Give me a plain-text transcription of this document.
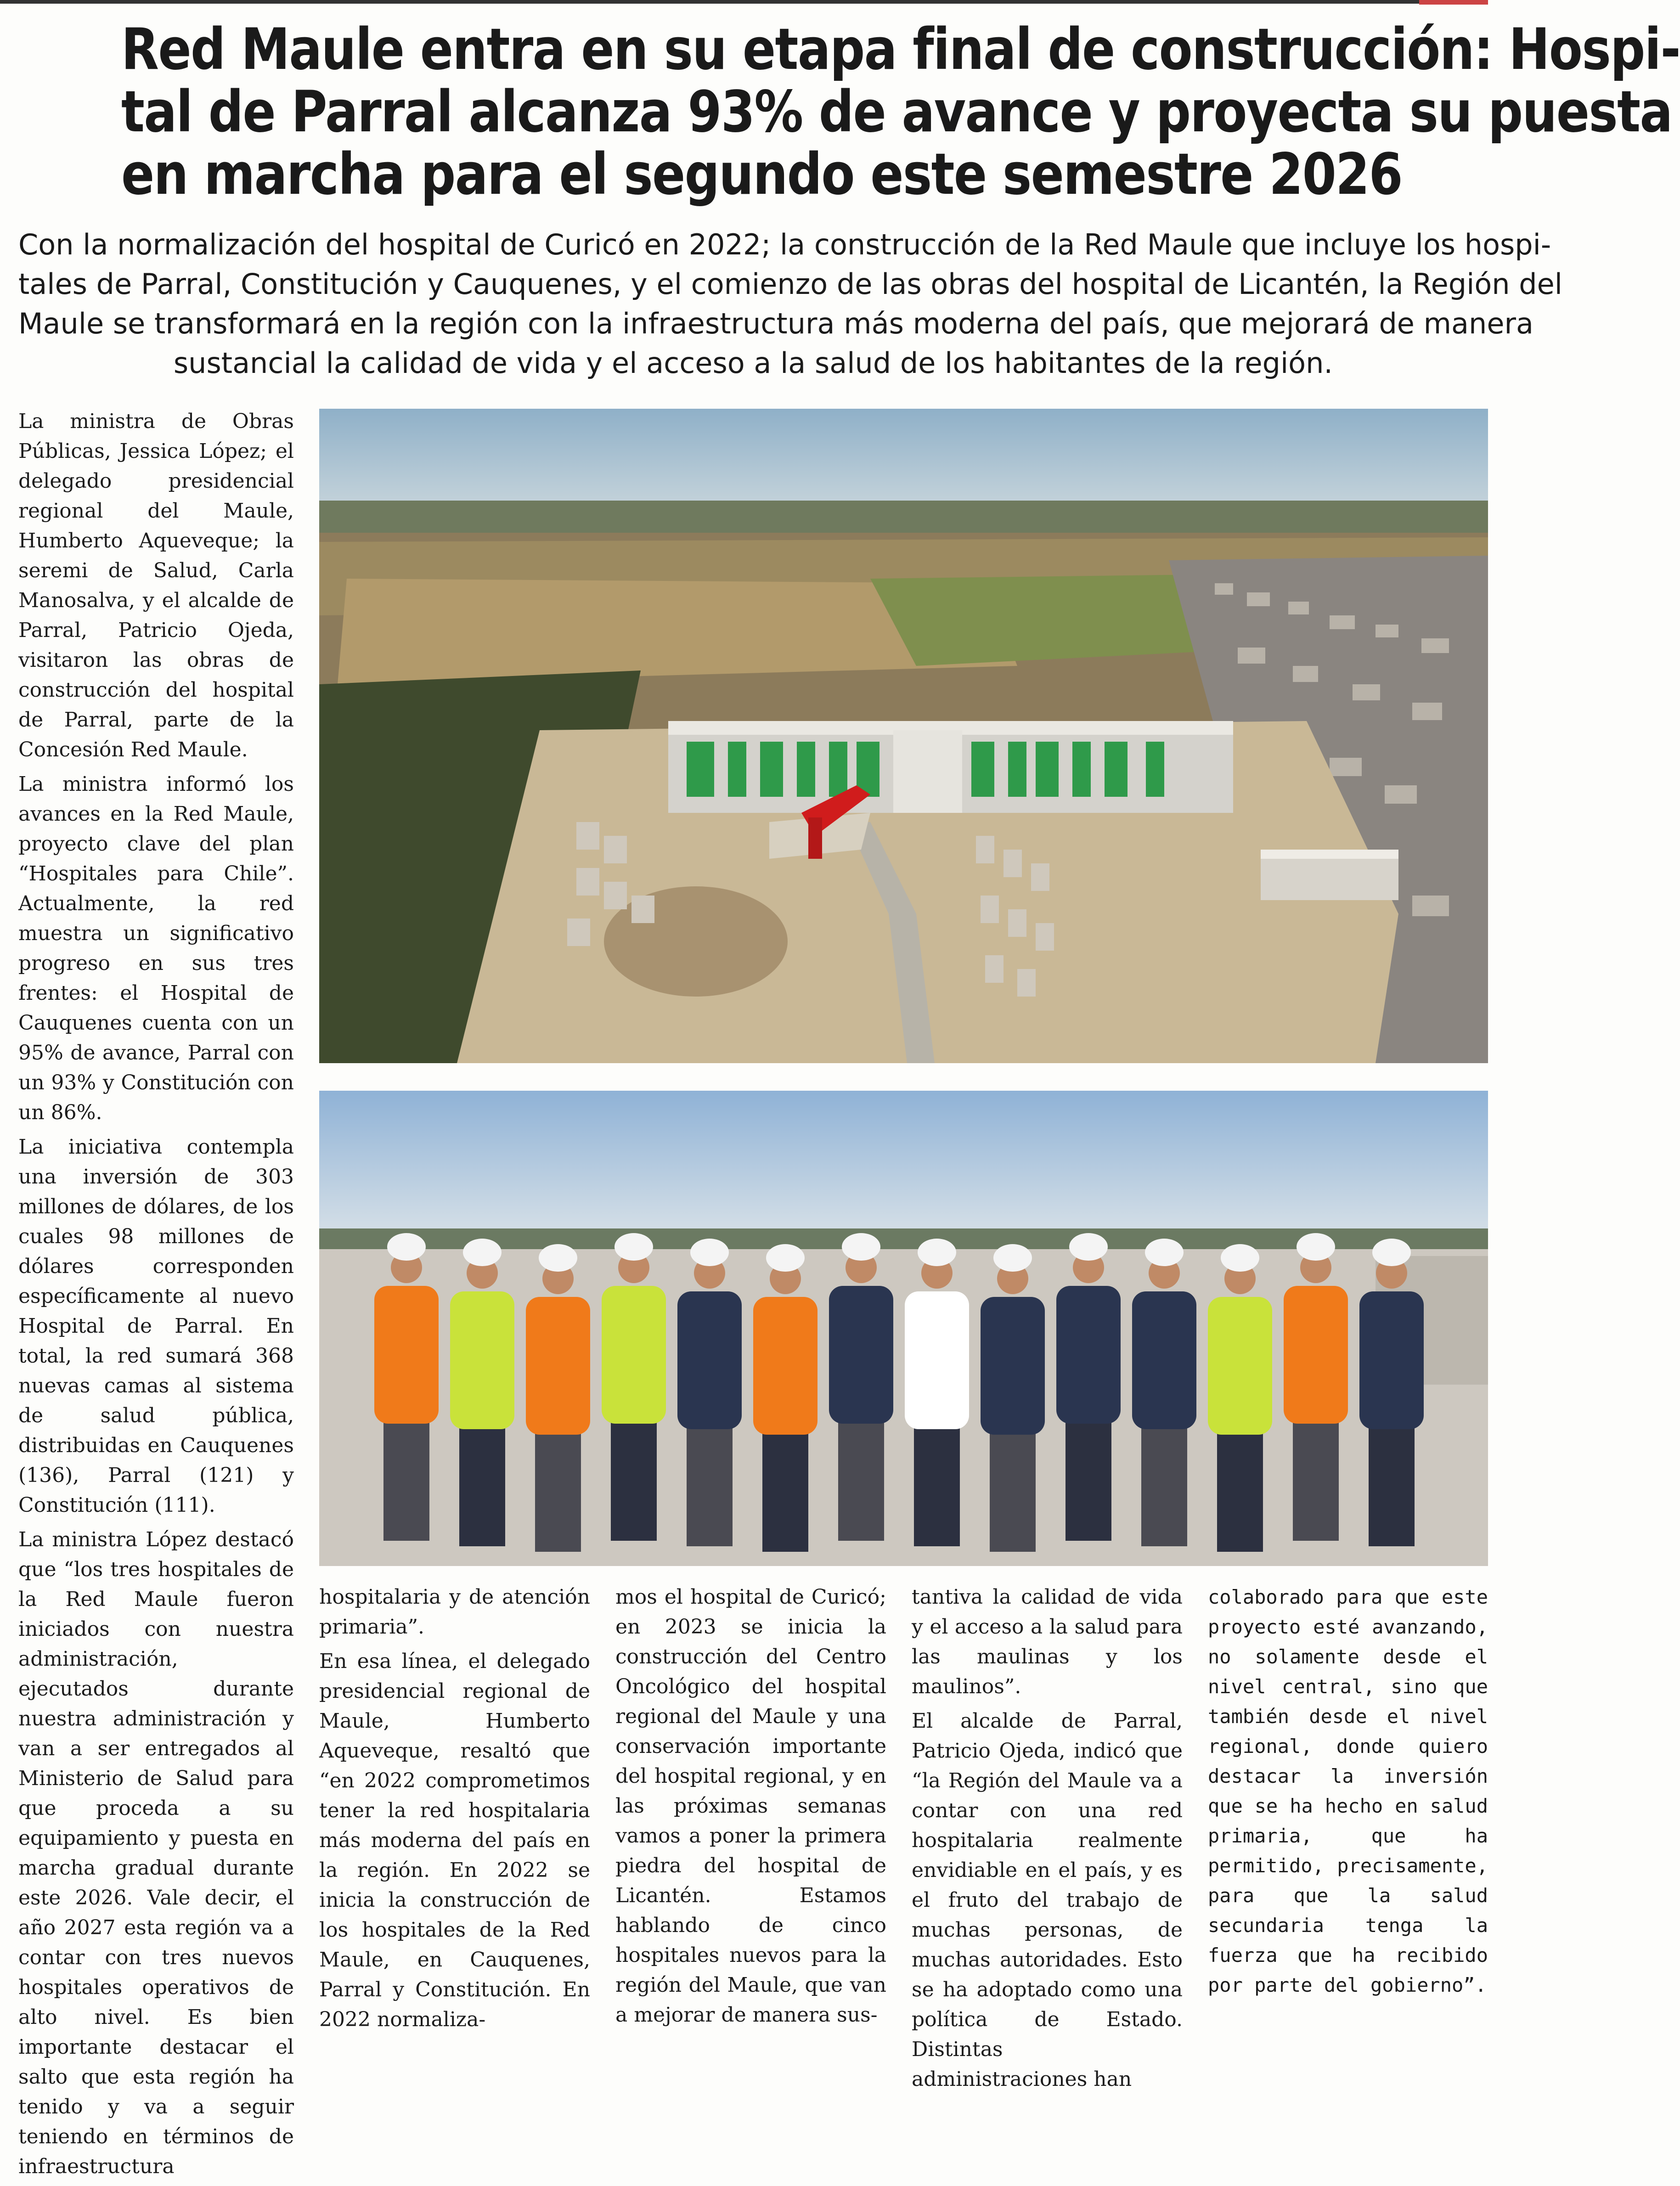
Red Maule entra en su etapa final de construcción: Hospi-
tal de Parral alcanza 93% de avance y proyecta su puesta
en marcha para el segundo este semestre 2026

Con la normalización del hospital de Curicó en 2022; la construcción de la Red Maule que incluye los hospi-
tales de Parral, Constitución y Cauquenes, y el comienzo de las obras del hospital de Licantén, la Región del
Maule se transformará en la región con la infraestructura más moderna del país, que mejorará de manera
sustancial la calidad de vida y el acceso a la salud de los habitantes de la región.

La ministra de Obras Públicas, Jessica López; el delegado presidencial regional del Maule, Humberto Aqueveque; la seremi de Salud, Carla Manosalva, y el alcalde de Parral, Patricio Ojeda, visitaron las obras de construcción del hospital de Parral, parte de la Concesión Red Maule.

La ministra informó los avances en la Red Maule, proyecto clave del plan “Hospitales para Chile”. Actualmente, la red muestra un significativo progreso en sus tres frentes: el Hospital de Cauquenes cuenta con un 95% de avance, Parral con un 93% y Constitución con un 86%.

La iniciativa contempla una inversión de 303 millones de dólares, de los cuales 98 millones de dólares corresponden específicamente al nuevo Hospital de Parral. En total, la red sumará 368 nuevas camas al sistema de salud pública, distribuidas en Cauquenes (136), Parral (121) y Constitución (111).

La ministra López destacó que “los tres hospitales de la Red Maule fueron iniciados con nuestra administración, ejecutados durante nuestra administración y van a ser entregados al Ministerio de Salud para que proceda a su equipamiento y puesta en marcha gradual durante este 2026. Vale decir, el año 2027 esta región va a contar con tres nuevos hospitales operativos de alto nivel. Es bien importante destacar el salto que esta región ha tenido y va a seguir teniendo en términos de infraestructura

hospitalaria y de atención primaria”.

En esa línea, el delegado presidencial regional de Maule, Humberto Aqueveque, resaltó que “en 2022 comprometimos tener la red hospitalaria más moderna del país en la región. En 2022 se inicia la construcción de los hospitales de la Red Maule, en Cauquenes, Parral y Constitución. En 2022 normaliza-

mos el hospital de Curicó; en 2023 se inicia la construcción del Centro Oncológico del hospital regional del Maule y una conservación importante del hospital regional, y en las próximas semanas vamos a poner la primera piedra del hospital de Licantén. Estamos hablando de cinco hospitales nuevos para la región del Maule, que van a mejorar de manera sus-

tantiva la calidad de vida y el acceso a la salud para las maulinas y los maulinos”.

El alcalde de Parral, Patricio Ojeda, indicó que “la Región del Maule va a contar con una red hospitalaria realmente envidiable en el país, y es el fruto del trabajo de muchas personas, de muchas autoridades. Esto se ha adoptado como una política de Estado. Distintas administraciones han

colaborado para que este proyecto esté avanzando, no solamente desde el nivel central, sino que también desde el nivel regional, donde quiero destacar la inversión que se ha hecho en salud primaria, que ha permitido, precisamente, para que la salud secundaria tenga la fuerza que ha recibido por parte del gobierno”.
